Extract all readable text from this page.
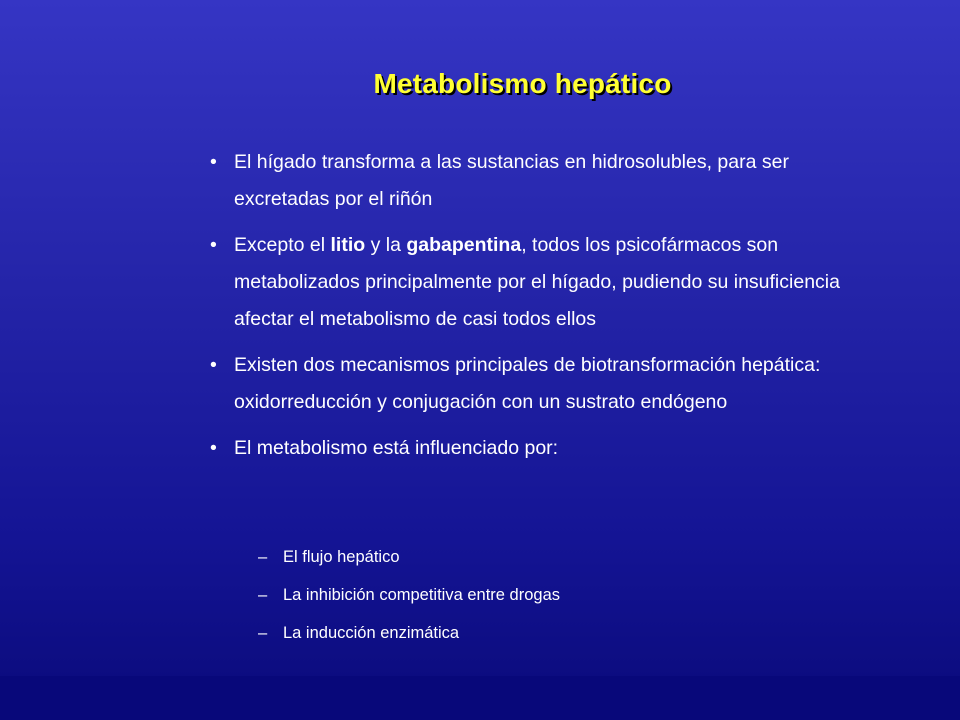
Metabolismo hepático
• El hígado transforma a las sustancias en hidrosolubles, para ser excretadas por el riñón
• Excepto el litio y la gabapentina, todos los psicofármacos son metabolizados principalmente por el hígado, pudiendo su insuficiencia afectar el metabolismo de casi todos ellos
• Existen dos mecanismos principales de biotransformación hepática: oxidorreducción y conjugación con un sustrato endógeno
• El metabolismo está influenciado por:
– El flujo hepático
– La inhibición competitiva entre drogas
– La inducción enzimática
